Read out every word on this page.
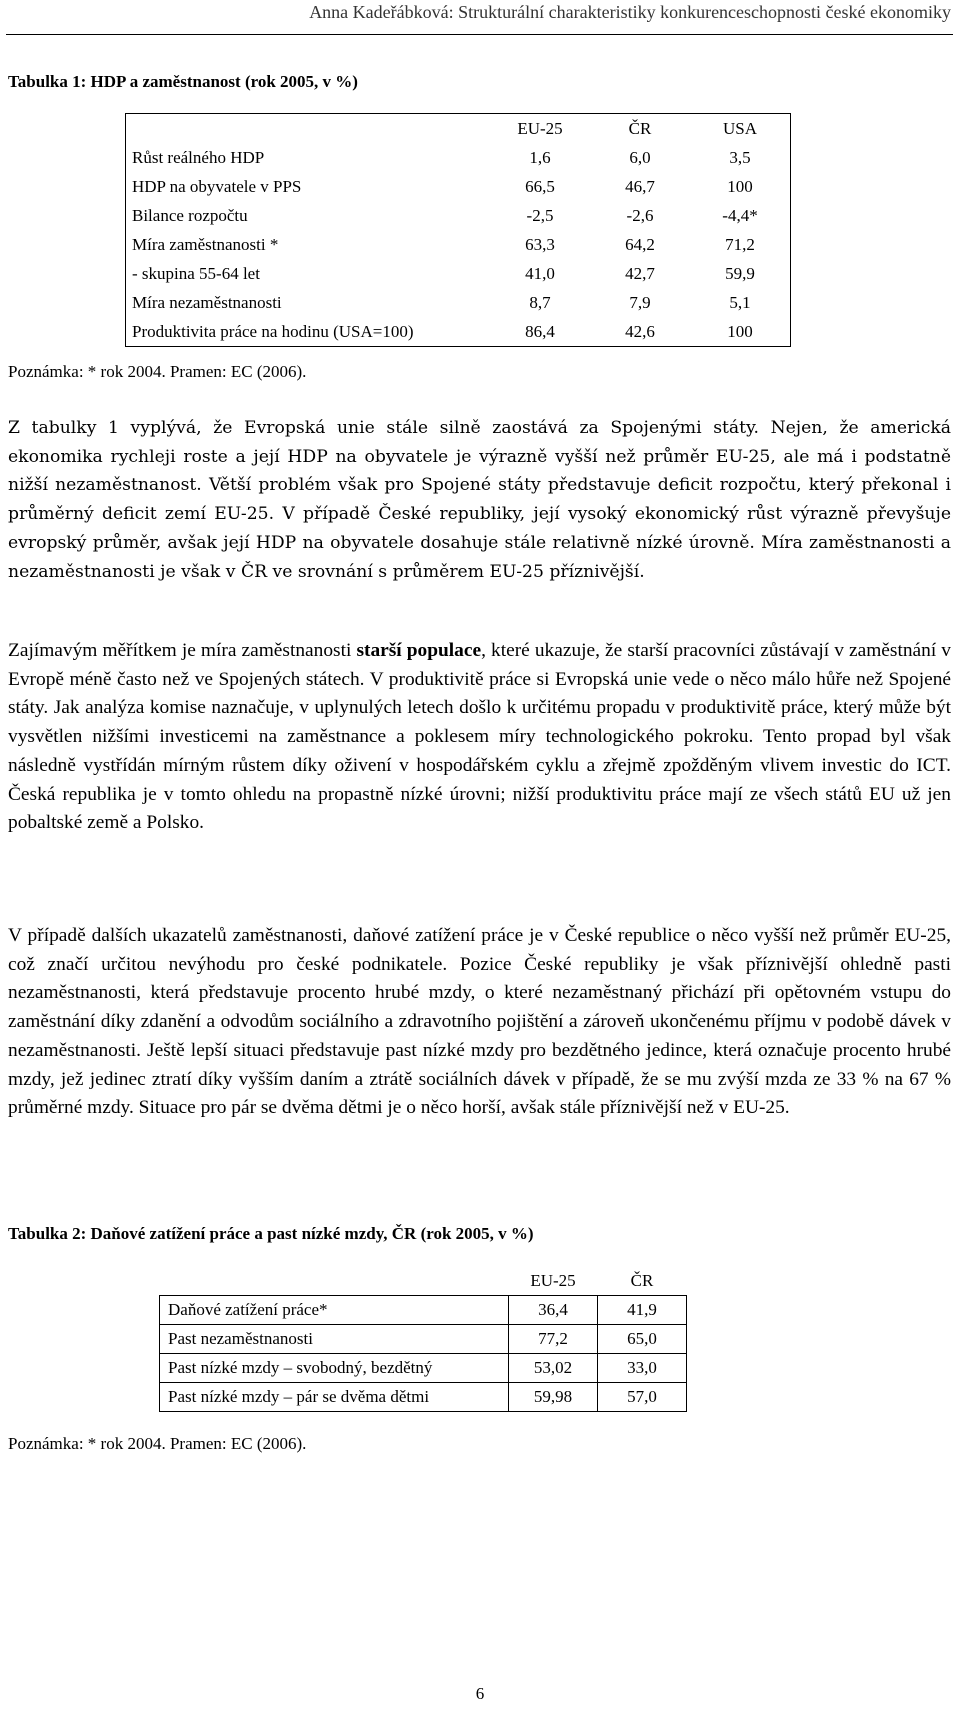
Anna Kadeřábková: Strukturální charakteristiky konkurenceschopnosti české ekonomiky
Tabulka 1: HDP a zaměstnanost (rok 2005, v %)
	EU-25	ČR	USA
Růst reálného HDP	1,6	6,0	3,5
HDP na obyvatele v PPS	66,5	46,7	100
Bilance rozpočtu	-2,5	-2,6	-4,4*
Míra zaměstnanosti *	63,3	64,2	71,2
- skupina 55-64 let	41,0	42,7	59,9
Míra nezaměstnanosti	8,7	7,9	5,1
Produktivita práce na hodinu (USA=100)	86,4	42,6	100
Poznámka: * rok 2004. Pramen: EC (2006).
Z tabulky 1 vyplývá, že Evropská unie stále silně zaostává za Spojenými státy. Nejen, že americká ekonomika rychleji roste a její HDP na obyvatele je výrazně vyšší než průměr EU-25, ale má i podstatně nižší nezaměstnanost. Větší problém však pro Spojené státy představuje deficit rozpočtu, který překonal i průměrný deficit zemí EU-25. V případě České republiky, její vysoký ekonomický růst výrazně převyšuje evropský průměr, avšak její HDP na obyvatele dosahuje stále relativně nízké úrovně. Míra zaměstnanosti a nezaměstnanosti je však v ČR ve srovnání s průměrem EU-25 příznivější.
Zajímavým měřítkem je míra zaměstnanosti starší populace, které ukazuje, že starší pracovníci zůstávají v zaměstnání v Evropě méně často než ve Spojených státech. V produktivitě práce si Evropská unie vede o něco málo hůře než Spojené státy. Jak analýza komise naznačuje, v uplynulých letech došlo k určitému propadu v produktivitě práce, který může být vysvětlen nižšími investicemi na zaměstnance a poklesem míry technologického pokroku. Tento propad byl však následně vystřídán mírným růstem díky oživení v hospodářském cyklu a zřejmě zpožděným vlivem investic do ICT. Česká republika je v tomto ohledu na propastně nízké úrovni; nižší produktivitu práce mají ze všech států EU už jen pobaltské země a Polsko.
V případě dalších ukazatelů zaměstnanosti, daňové zatížení práce je v České republice o něco vyšší než průměr EU-25, což značí určitou nevýhodu pro české podnikatele. Pozice České republiky je však příznivější ohledně pasti nezaměstnanosti, která představuje procento hrubé mzdy, o které nezaměstnaný přichází při opětovném vstupu do zaměstnání díky zdanění a odvodům sociálního a zdravotního pojištění a zároveň ukončenému příjmu v podobě dávek v nezaměstnanosti. Ještě lepší situaci představuje past nízké mzdy pro bezdětného jedince, která označuje procento hrubé mzdy, jež jedinec ztratí díky vyšším daním a ztrátě sociálních dávek v případě, že se mu zvýší mzda ze 33 % na 67 % průměrné mzdy. Situace pro pár se dvěma dětmi je o něco horší, avšak stále příznivější než v EU-25.
Tabulka 2: Daňové zatížení práce a past nízké mzdy, ČR (rok 2005, v %)
	EU-25	ČR
Daňové zatížení práce*	36,4	41,9
Past nezaměstnanosti	77,2	65,0
Past nízké mzdy – svobodný, bezdětný	53,02	33,0
Past nízké mzdy – pár se dvěma dětmi	59,98	57,0
Poznámka: * rok 2004. Pramen: EC (2006).
6
